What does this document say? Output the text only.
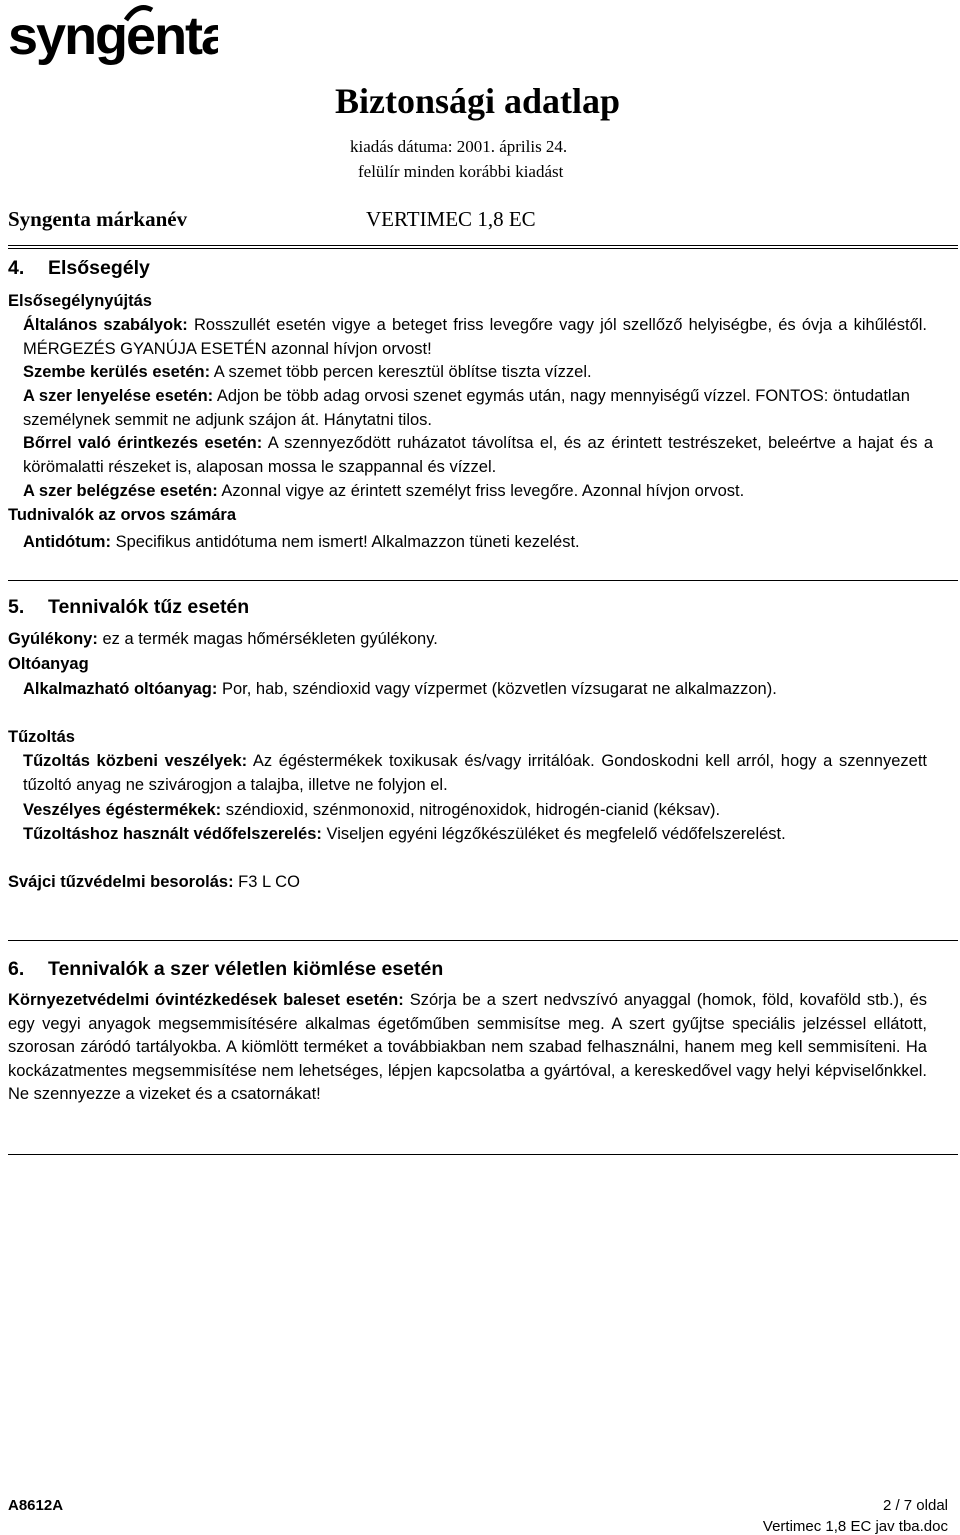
syngenta
Biztonsági adatlap
kiadás dátuma: 2001. április 24.
felülír minden korábbi kiadást
Syngenta márkanév	VERTIMEC 1,8 EC
4. Elsősegély
Elsősegélynyújtás
Általános szabályok: Rosszullét esetén vigye a beteget friss levegőre vagy jól szellőző helyiségbe, és óvja a kihűléstől. MÉRGEZÉS GYANÚJA ESETÉN azonnal hívjon orvost!
Szembe kerülés esetén: A szemet több percen keresztül öblítse tiszta vízzel.
A szer lenyelése esetén: Adjon be több adag orvosi szenet egymás után, nagy mennyiségű vízzel. FONTOS: öntudatlan személynek semmit ne adjunk szájon át. Hánytatni tilos.
Bőrrel való érintkezés esetén: A szennyeződött ruházatot távolítsa el, és az érintett testrészeket, beleértve a hajat és a körömalatti részeket is, alaposan mossa le szappannal és vízzel.
A szer belégzése esetén: Azonnal vigye az érintett személyt friss levegőre. Azonnal hívjon orvost.
Tudnivalók az orvos számára
Antidótum: Specifikus antidótuma nem ismert! Alkalmazzon tüneti kezelést.
5. Tennivalók tűz esetén
Gyúlékony: ez a termék magas hőmérsékleten gyúlékony.
Oltóanyag
Alkalmazható oltóanyag: Por, hab, széndioxid vagy vízpermet (közvetlen vízsugarat ne alkalmazzon).
Tűzoltás
Tűzoltás közbeni veszélyek: Az égéstermékek toxikusak és/vagy irritálóak. Gondoskodni kell arról, hogy a szennyezett tűzoltó anyag ne szivárogjon a talajba, illetve ne folyjon el.
Veszélyes égéstermékek: széndioxid, szénmonoxid, nitrogénoxidok, hidrogén-cianid (kéksav).
Tűzoltáshoz használt védőfelszerelés: Viseljen egyéni légzőkészüléket és megfelelő védőfelszerelést.
Svájci tűzvédelmi besorolás: F3 L CO
6. Tennivalók a szer véletlen kiömlése esetén
Környezetvédelmi óvintézkedések baleset esetén: Szórja be a szert nedvszívó anyaggal (homok, föld, kovaföld stb.), és egy vegyi anyagok megsemmisítésére alkalmas égetőműben semmisítse meg. A szert gyűjtse speciális jelzéssel ellátott, szorosan záródó tartályokba. A kiömlött terméket a továbbiakban nem szabad felhasználni, hanem meg kell semmisíteni. Ha kockázatmentes megsemmisítése nem lehetséges, lépjen kapcsolatba a gyártóval, a kereskedővel vagy helyi képviselőnkkel. Ne szennyezze a vizeket és a csatornákat!
A8612A	2 / 7 oldal
Vertimec 1,8 EC jav tba.doc
